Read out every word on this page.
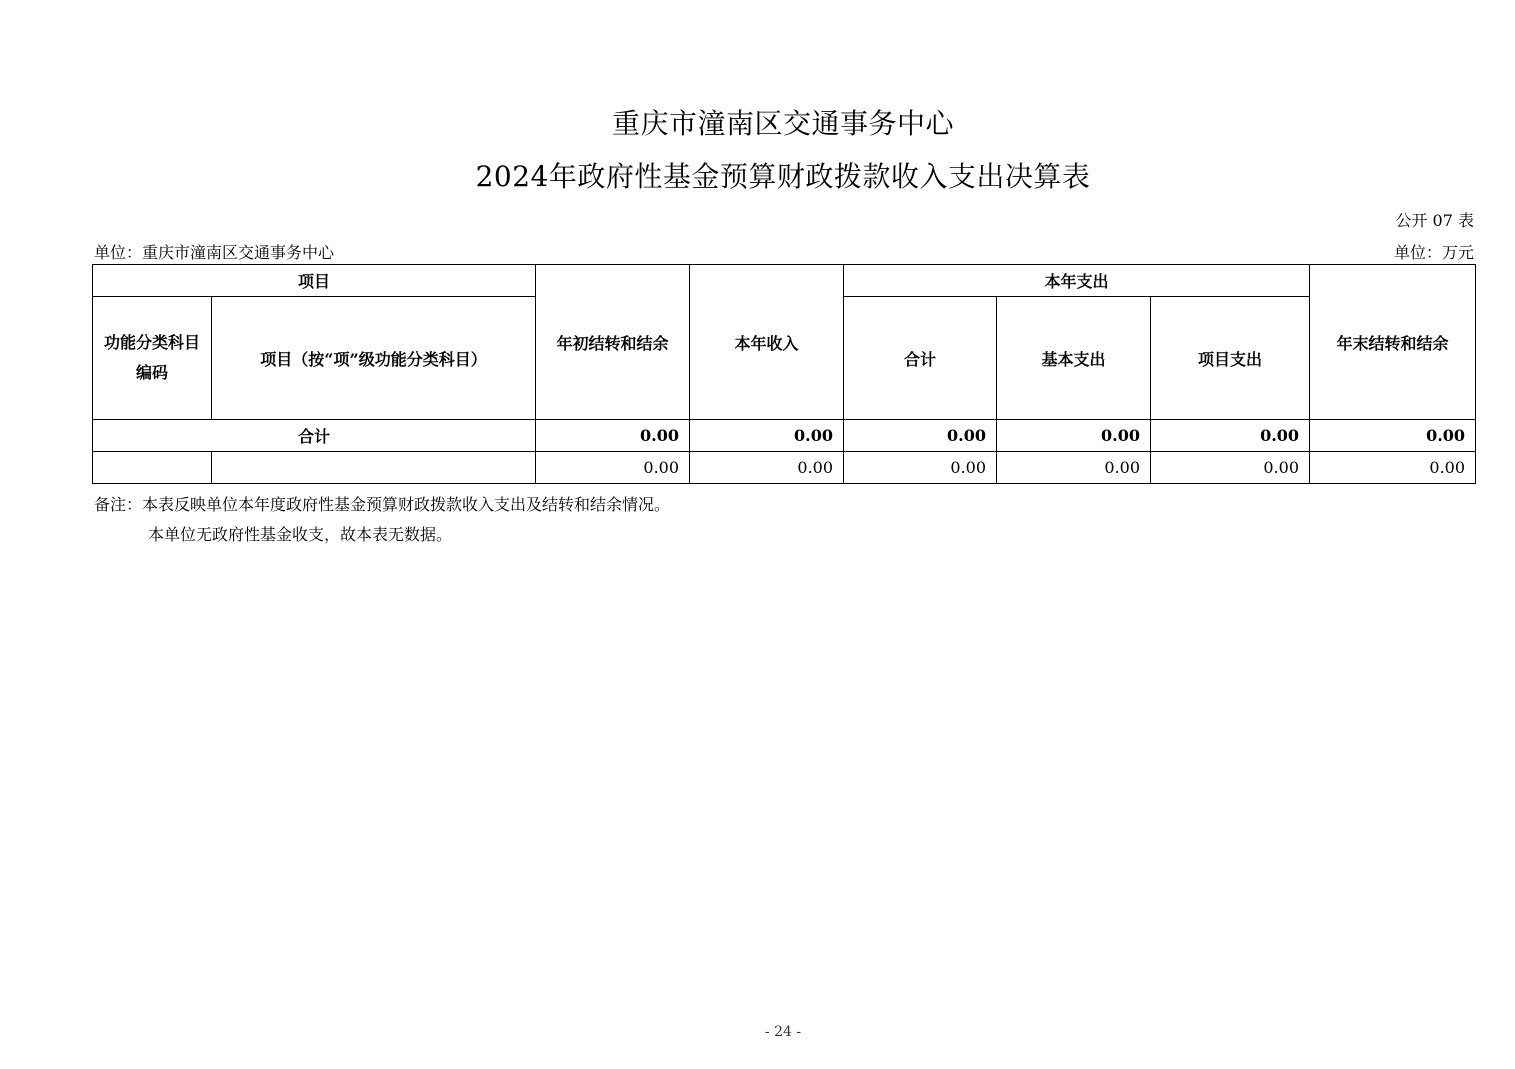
重庆市潼南区交通事务中心
2024年政府性基金预算财政拨款收入支出决算表
公开 07 表
单位：重庆市潼南区交通事务中心	单位：万元
项目		年初结转和结余	本年收入	本年支出			年末结转和结余
功能分类科目编码	项目（按“项”级功能分类科目）			合计	基本支出	项目支出	
合计		0.00	0.00	0.00	0.00	0.00	0.00
		0.00	0.00	0.00	0.00	0.00	0.00
备注：本表反映单位本年度政府性基金预算财政拨款收入支出及结转和结余情况。
本单位无政府性基金收支，故本表无数据。
- 24 -
